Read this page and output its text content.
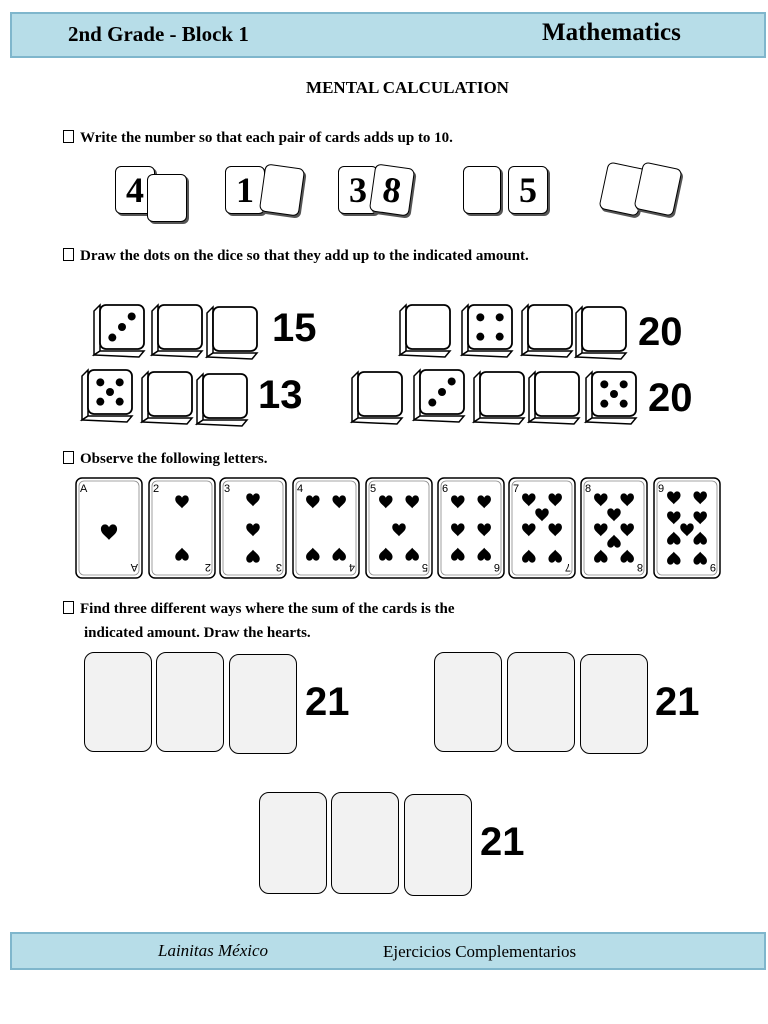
2nd Grade - Block 1	Mathematics
MENTAL CALCULATION
Write the number so that each pair of cards adds up to 10.
4	1	3 8	5
Draw the dots on the dice so that they add up to the indicated amount.
15	20
13	20
Observe the following letters.
A
A
2
2
3
3
4
4
5
5
6
6
7
7
8
8
9
9
Find three different ways where the sum of the cards is the
indicated amount. Draw the hearts.
21	21
21
Lainitas México	Ejercicios Complementarios
